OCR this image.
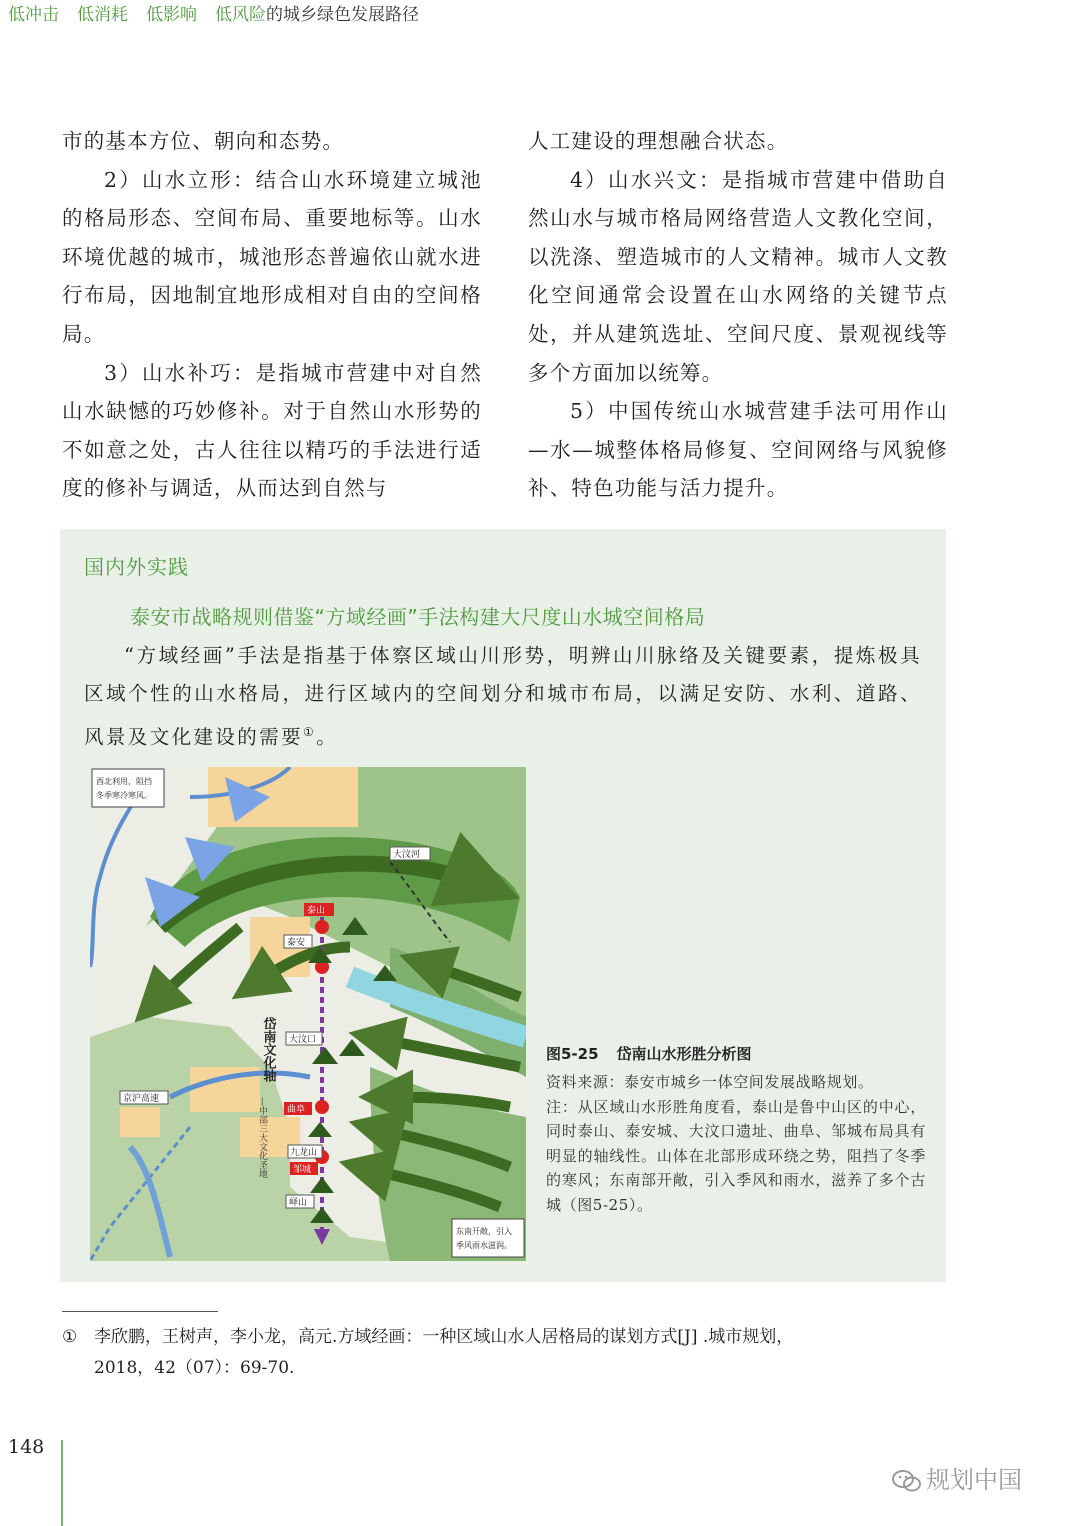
低冲击 低消耗 低影响 低风险的城乡绿色发展路径

市的基本方位、朝向和态势。

2）山水立形：结合山水环境建立城池的格局形态、空间布局、重要地标等。山水环境优越的城市，城池形态普遍依山就水进行布局，因地制宜地形成相对自由的空间格局。

3）山水补巧：是指城市营建中对自然山水缺憾的巧妙修补。对于自然山水形势的不如意之处，古人往往以精巧的手法进行适度的修补与调适，从而达到自然与

人工建设的理想融合状态。

4）山水兴文：是指城市营建中借助自然山水与城市格局网络营造人文教化空间，以洗涤、塑造城市的人文精神。城市人文教化空间通常会设置在山水网络的关键节点处，并从建筑选址、空间尺度、景观视线等多个方面加以统筹。

5）中国传统山水城营建手法可用作山—水—城整体格局修复、空间网络与风貌修补、特色功能与活力提升。

国内外实践
泰安市战略规则借鉴“方域经画”手法构建大尺度山水城空间格局
“方域经画”手法是指基于体察区域山川形势，明辨山川脉络及关键要素，提炼极具区域个性的山水格局，进行区域内的空间划分和城市布局，以满足安防、水利、道路、风景及文化建设的需要①。
西北利用，阻挡
冬季寒冷寒风。
东南开敞，引入
季风雨水滋润。
泰山
泰安
大汶口
曲阜
九龙山
邹城
峄山
大汶河
京沪高速
岱南文化轴
—中部三大文化圣地
图5-25 岱南山水形胜分析图

资料来源：泰安市城乡一体空间发展战略规划。

注：从区域山水形胜角度看，泰山是鲁中山区的中心，同时泰山、泰安城、大汶口遗址、曲阜、邹城布局具有明显的轴线性。山体在北部形成环绕之势，阻挡了冬季的寒风；东南部开敞，引入季风和雨水，滋养了多个古城（图5-25）。

① 李欣鹏，王树声，李小龙，高元.方域经画：一种区域山水人居格局的谋划方式[J] .城市规划，
2018，42（07）：69-70.
148
规划中国
